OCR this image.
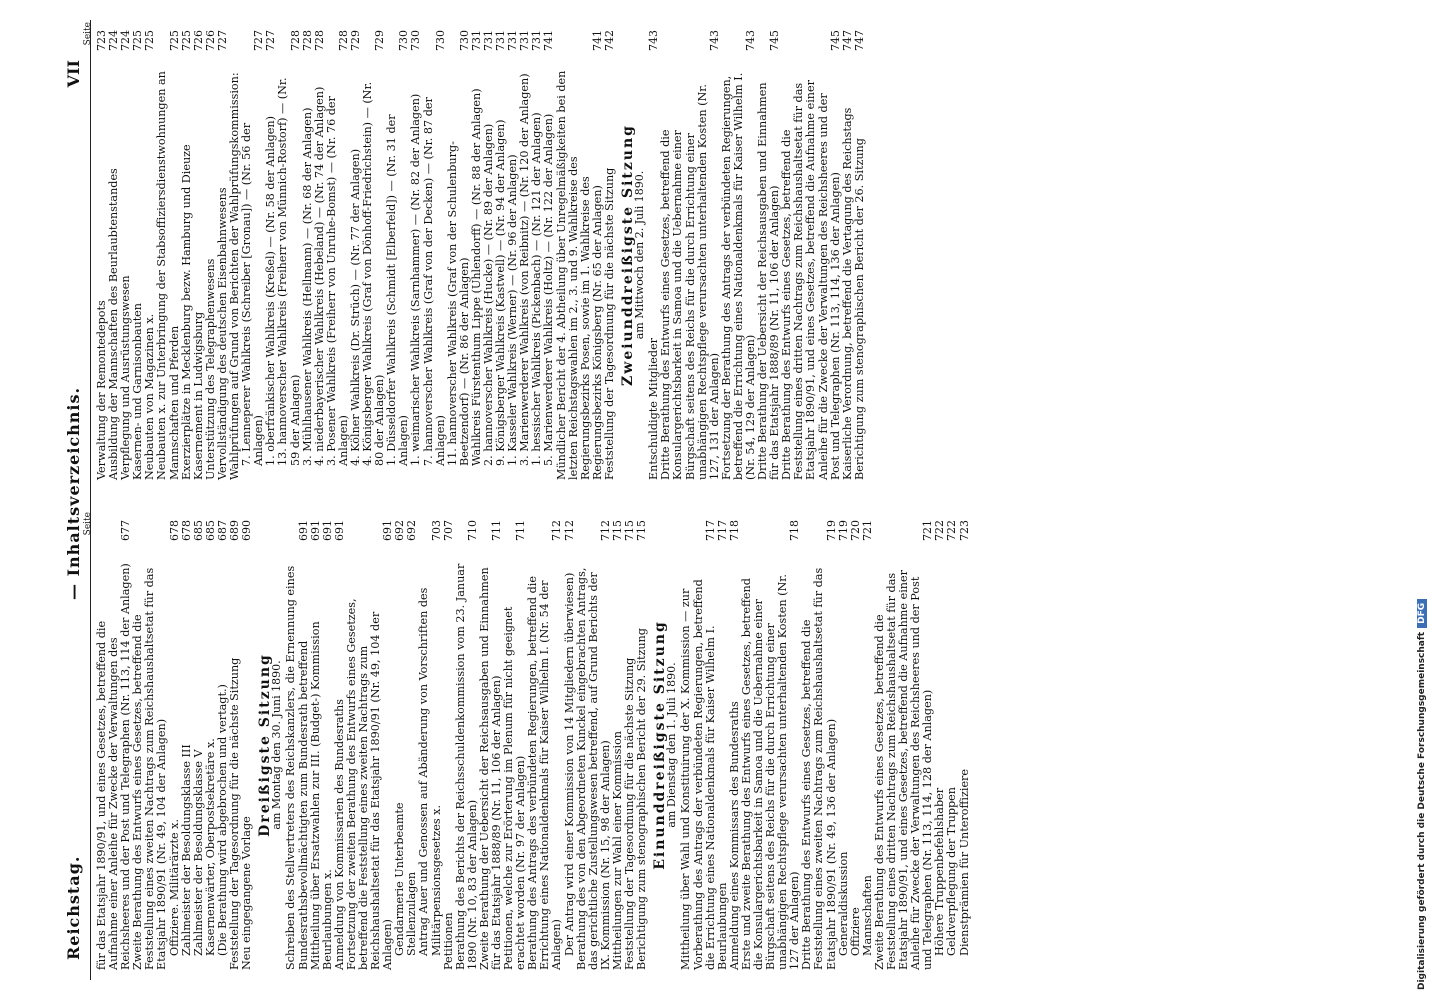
Reichstag.
— Inhaltsverzeichnis.
VII
Seite
für das Etatsjahr 1890/91, und eines Gesetzes, betreffend die Aufnahme einer Anleihe für Zwecke der Verwaltungen des Reichsheeres und der Post und Telegraphen (Nr. 113, 114 der Anlagen)
677
Zweite Berathung des Entwurfs eines Gesetzes, betreffend die Feststellung eines zweiten Nachtrags zum Reichshaushaltsetat für das Etatsjahr 1890/91 (Nr. 49, 104 der Anlagen) Offiziere. Militärärzte x.
678
Zahlmeister der Besoldungsklasse III
678
Zahlmeister der Besoldungsklasse V
685
Kasernenwärter, Oberpostsekretäre x.
685
(Die Berathung wird abgebrochen und vertagt.)
687
Feststellung der Tagesordnung für die nächste Sitzung
689
Neu eingegangene Vorlage
690
Dreißigste Sitzung
am Montag den 30. Juni 1890. Schreiben des Stellvertreters des Reichskanzlers, die Ernennung eines Bundesrathsbevollmächtigten zum Bundesrath betreffend
691
Mittheilung über Ersatzwahlen zur III. (Budget-) Kommission
691
Beurlaubungen x.
691
Anmeldung von Kommissarien des Bundesraths
691
Fortsetzung der zweiten Berathung des Entwurfs eines Gesetzes, betreffend die Feststellung eines zweiten Nachtrags zum Reichshaushaltsetat für das Etatsjahr 1890/91 (Nr. 49, 104 der Anlagen)
691
Gendarmerie Unterbeamte
692
Stellenzulagen
692
Antrag Auer und Genossen auf Abänderung von Vorschriften des Militärpensionsgesetzes x.
703
Petitionen
707
Berathung des Berichts der Reichsschuldenkommission vom 23. Januar 1890 (Nr. 10, 83 der Anlagen)
710
Zweite Berathung der Uebersicht der Reichsausgaben und Einnahmen für das Etatsjahr 1888/89 (Nr. 11, 106 der Anlagen)
711
Petitionen, welche zur Erörterung im Plenum für nicht geeignet erachtet worden (Nr. 97 der Anlagen)
711
Berathung des Antrags des verbündeten Regierungen, betreffend die Errichtung eines Nationaldenkmals für Kaiser Wilhelm I. (Nr. 54 der Anlagen)
712
Der Antrag wird einer Kommission von 14 Mitgliedern überwiesen)
712
Berathung des von den Abgeordneten Kunckel eingebrachten Antrags, das gerichtliche Zustellungswesen betreffend, auf Grund Berichts der IX. Kommission (Nr. 15, 98 der Anlagen)
712
Mittheilungen zur Wahl einer Kommission
715
Feststellung der Tagesordnung für die nächste Sitzung
715
Berichtigung zum stenographischen Bericht der 29. Sitzung
715
Einunddreißigste Sitzung
am Dienstag den 1. Juli 1890. Mittheilung über Wahl und Konstituirung der X. Kommission — zur Vorberathung des Antrags der verbündeten Regierungen, betreffend die Errichtung eines Nationaldenkmals für Kaiser Wilhelm I.
717
Beurlaubungen
717
Anmeldung eines Kommissars des Bundesraths
718
Erste und zweite Berathung des Entwurfs eines Gesetzes, betreffend die Konsulargerichtsbarkeit in Samoa und die Uebernahme einer Bürgschaft seitens des Reichs für die durch Errichtung einer unabhängigen Rechtspflege verursachten unterhaltenden Kosten (Nr. 127 der Anlagen)
718
Dritte Berathung des Entwurfs eines Gesetzes, betreffend die Feststellung eines zweiten Nachtrags zum Reichshaushaltsetat für das Etatsjahr 1890/91 (Nr. 49, 136 der Anlagen)
719
Generaldiskussion
719
Offiziere
720
Mannschaften
721
Zweite Berathung des Entwurfs eines Gesetzes, betreffend die Feststellung eines dritten Nachtrags zum Reichshaushaltsetat für das Etatsjahr 1890/91, und eines Gesetzes, betreffend die Aufnahme einer Anleihe für Zwecke der Verwaltungen des Reichsheeres und der Post und Telegraphen (Nr. 113, 114, 128 der Anlagen)
721
Höhere Truppenbefehlshaber
722
Geldverpflegung der Truppen
722
Dienstprämien für Unteroffiziere
723
Seite
Verwaltung der Remontedepots
723
Ausbildung der Mannschaften des Beurlaubtenstandes
724
Verpflegung und Ausrüstungswesen
724
Kasernen- und Garnisonbauten
725
Neubauten von Magazinen x.
725
Neubauten x. zur Unterbringung der Stabsoffiziersdienstwohnungen an Mannschaften und Pferden
725
Exerzierplätze in Mecklenburg bezw. Hamburg und Dieuze
725
Kasernement in Ludwigsburg
726
Unterstützung des Telegraphenwesens
726
Vervollständigung des deutschen Eisenbahnwesens
727
Wahlprüfungen auf Grund von Berichten der Wahlprüfungskommission: 7. Lenneperer Wahlkreis (Schreiber [Gronau]) — (Nr. 56 der Anlagen)
727
1. oberfränkischer Wahlkreis (Kreßel) — (Nr. 58 der Anlagen)
727
13. hannoverscher Wahlkreis (Freiherr von Münnich-Rostorf) — (Nr. 59 der Anlagen)
728
3. Mühlhausener Wahlkreis (Hellmann) — (Nr. 68 der Anlagen)
728
4. niederbayerischer Wahlkreis (Hebeland) — (Nr. 74 der Anlagen)
728
3. Posener Wahlkreis (Freiherr von Unruhe-Bomst) — (Nr. 76 der Anlagen)
728
4. Kölner Wahlkreis (Dr. Strüch) — (Nr. 77 der Anlagen)
729
4. Königsberger Wahlkreis (Graf von Dönhoff-Friedrichstein) — (Nr. 80 der Anlagen)
729
1. Düsseldorfer Wahlkreis (Schmidt [Elberfeld]) — (Nr. 31 der Anlagen)
730
1. weimarischer Wahlkreis (Sarnhammer) — (Nr. 82 der Anlagen)
730
7. hannoverscher Wahlkreis (Graf von der Decken) — (Nr. 87 der Anlagen)
730
11. hannoverscher Wahlkreis (Graf von der Schulenburg-Beetzendorf) — (Nr. 86 der Anlagen)
730
Wahlkreis Fürstenthum Lippe (Uhlendorff) — (Nr. 88 der Anlagen)
731
2. hannoverscher Wahlkreis (Hucke) — (Nr. 89 der Anlagen)
731
9. Königsberger Wahlkreis (Kastwell) — (Nr. 94 der Anlagen)
731
1. Kasseler Wahlkreis (Werner) — (Nr. 96 der Anlagen)
731
3. Marienwerderer Wahlkreis (von Reibnitz) — (Nr. 120 der Anlagen)
731
1. hessischer Wahlkreis (Pickenbach) — (Nr. 121 der Anlagen)
731
5. Marienwerderer Wahlkreis (Holtz) — (Nr. 122 der Anlagen)
741
Mündlicher Bericht der 4. Abtheilung über Unregelmäßigkeiten bei den letzten Reichstagswahlen im 2., 3. und 9. Wahlkreise des Regierungsbezirks Posen, sowie im 1. Wahlkreise des Regierungsbezirks Königsberg (Nr. 65 der Anlagen)
741
Feststellung der Tagesordnung für die nächste Sitzung
742
Zweiunddreißigste Sitzung
am Mittwoch den 2. Juli 1890.
Entschuldigte Mitglieder
743
Dritte Berathung des Entwurfs eines Gesetzes, betreffend die Konsulargerichtsbarkeit in Samoa und die Uebernahme einer Bürgschaft seitens des Reichs für die durch Errichtung einer unabhängigen Rechtspflege verursachten unterhaltenden Kosten (Nr. 127, 131 der Anlagen)
743
Fortsetzung der Berathung des Antrags der verbündeten Regierungen, betreffend die Errichtung eines Nationaldenkmals für Kaiser Wilhelm I. (Nr. 54, 129 der Anlagen)
743
Dritte Berathung der Uebersicht der Reichsausgaben und Einnahmen für das Etatsjahr 1888/89 (Nr. 11, 106 der Anlagen)
745
Dritte Berathung des Entwurfs eines Gesetzes, betreffend die Feststellung eines dritten Nachtrags zum Reichshaushaltsetat für das Etatsjahr 1890/91, und eines Gesetzes, betreffend die Aufnahme einer Anleihe für die Zwecke der Verwaltungen des Reichsheeres und der Post und Telegraphen (Nr. 113, 114, 136 der Anlagen)
745
Kaiserliche Verordnung, betreffend die Vertagung des Reichstags
747
Berichtigung zum stenographischen Bericht der 26. Sitzung
747
Digitalisierung gefördert durch die Deutsche ForschungsgemeinschaftDFG
